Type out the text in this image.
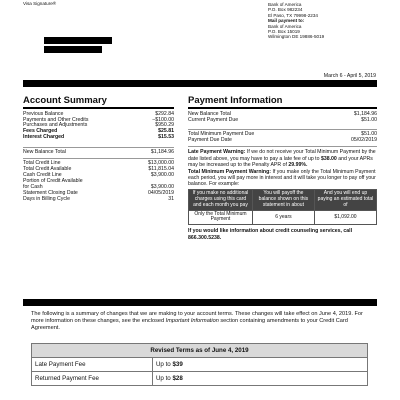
Visa Signature®	Bank of America
P.O. Box 982234
El Paso, TX 79998-2234
Mail payment to:
Bank of America
P.O. Box 15019
Wilmington DE 19886-5019
March 6 - April 5, 2019
Account Summary
Previous Balance	$292.84
Payments and Other Credits	–$100.00
Purchases and Adjustments	$950.29
Fees Charged	$25.81
Interest Charged	$15.53
New Balance Total	$1,184.96
Total Credit Line	$13,000.00
Total Credit Available	$11,815.04
Cash Credit Line	$3,900.00
Portion of Credit Available
for Cash	$3,900.00
Statement Closing Date	04/05/2019
Days in Billing Cycle	31
Payment Information
New Balance Total	$1,184.96
Current Payment Due	$51.00
Total Minimum Payment Due	$51.00
Payment Due Date	05/02/2019
Late Payment Warning: If we do not receive your Total Minimum Payment by the date listed above, you may have to pay a late fee of up to $38.00 and your APRs may be increased up to the Penalty APR of 29.99%.
Total Minimum Payment Warning: If you make only the Total Minimum Payment each period, you will pay more in interest and it will take you longer to pay off your balance. For example:
If you make no additional charges using this card and each month you pay	You will payoff the balance shown on this statement in about	And you will end up paying an estimated total of
Only the Total Minimum Payment	6 years	$1,092.00
If you would like information about credit counseling services, call 866.300.5238.
The following is a summary of changes that we are making to your account terms. These changes will take effect on June 4, 2019. For more information on these changes, see the enclosed Important Information section containing amendments to your Credit Card Agreement.
Revised Terms as of June 4, 2019	
Late Payment Fee	Up to $39
Returned Payment Fee	Up to $28
